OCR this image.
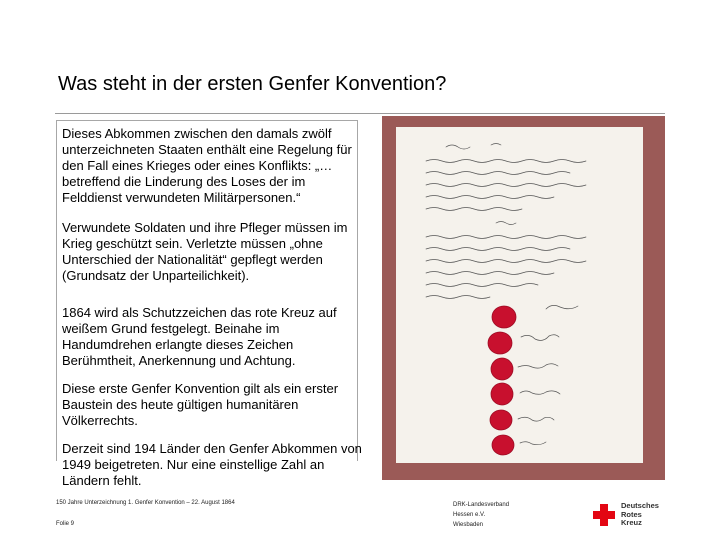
Was steht in der ersten Genfer Konvention?

Dieses Abkommen zwischen den damals zwölf unterzeichneten Staaten enthält eine Regelung für den Fall eines Krieges oder eines Konflikts: „…betreffend die Linderung des Loses der im Felddienst verwundeten Militärpersonen.“

Verwundete Soldaten und ihre Pfleger müssen im Krieg geschützt sein. Verletzte müssen „ohne Unterschied der Nationalität“ gepflegt werden (Grundsatz der Unparteilichkeit).

1864 wird als Schutzzeichen das rote Kreuz auf weißem Grund festgelegt. Beinahe im Handumdrehen erlangte dieses Zeichen Berühmtheit, Anerkennung und Achtung.

Diese erste Genfer Konvention gilt als ein erster Baustein des heute gültigen humanitären Völkerrechts.

Derzeit sind 194 Länder den Genfer Abkommen von 1949 beigetreten. Nur eine einstellige Zahl an Ländern fehlt.

150 Jahre Unterzeichnung 1. Genfer Konvention – 22. August 1864
Folie 9
DRK-Landesverband
Hessen e.V.
Wiesbaden
Deutsches
Rotes
Kreuz
